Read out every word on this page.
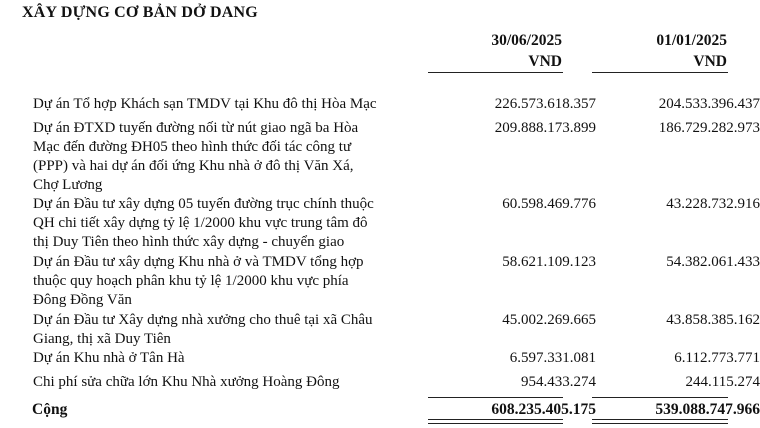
XÂY DỰNG CƠ BẢN DỞ DANG
30/06/2025
VND
01/01/2025
VND
Dự án Tổ hợp Khách sạn TMDV tại Khu đô thị Hòa Mạc	226.573.618.357	204.533.396.437
Dự án ĐTXD tuyến đường nối từ nút giao ngã ba Hòa
Mạc đến đường ĐH05 theo hình thức đối tác công tư
(PPP) và hai dự án đối ứng Khu nhà ở đô thị Văn Xá,
Chợ Lương
209.888.173.899	186.729.282.973
Dự án Đầu tư xây dựng 05 tuyến đường trục chính thuộc
QH chi tiết xây dựng tỷ lệ 1/2000 khu vực trung tâm đô
thị Duy Tiên theo hình thức xây dựng - chuyển giao
60.598.469.776	43.228.732.916
Dự án Đầu tư xây dựng Khu nhà ở và TMDV tổng hợp
thuộc quy hoạch phân khu tỷ lệ 1/2000 khu vực phía
Đông Đồng Văn
58.621.109.123	54.382.061.433
Dự án Đầu tư Xây dựng nhà xưởng cho thuê tại xã Châu
Giang, thị xã Duy Tiên
45.002.269.665	43.858.385.162
Dự án Khu nhà ở Tân Hà	6.597.331.081	6.112.773.771
Chi phí sửa chữa lớn Khu Nhà xưởng Hoàng Đông	954.433.274	244.115.274
Cộng	608.235.405.175	539.088.747.966
